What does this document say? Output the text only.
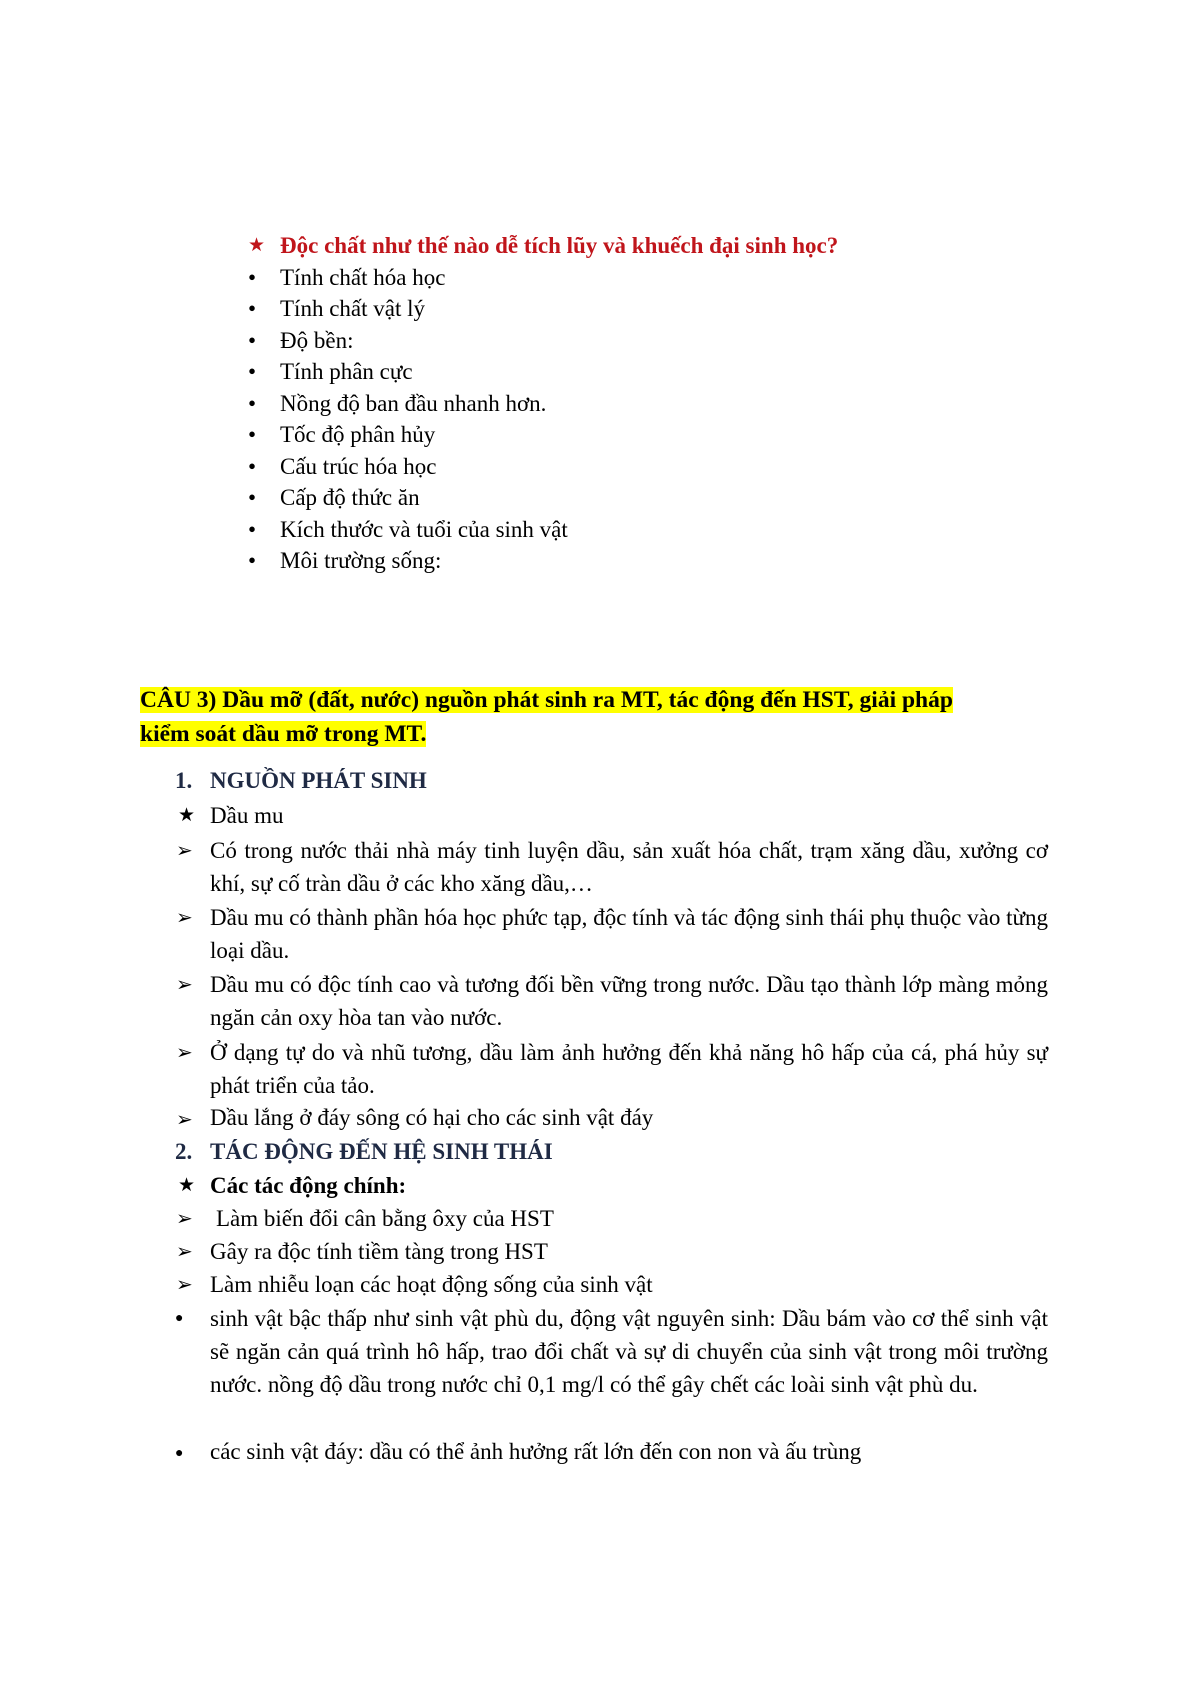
★ Độc chất như thế nào dễ tích lũy và khuếch đại sinh học?
• Tính chất hóa học
• Tính chất vật lý
• Độ bền:
• Tính phân cực
• Nồng độ ban đầu nhanh hơn.
• Tốc độ phân hủy
• Cấu trúc hóa học
• Cấp độ thức ăn
• Kích thước và tuổi của sinh vật
• Môi trường sống:
CÂU 3) Dầu mỡ (đất, nước) nguồn phát sinh ra MT, tác động đến HST, giải pháp
kiểm soát dầu mỡ trong MT.
1. NGUỒN PHÁT SINH
★ Dầu mu
➢ Có trong nước thải nhà máy tinh luyện dầu, sản xuất hóa chất, trạm xăng dầu, xưởng cơ khí, sự cố tràn dầu ở các kho xăng dầu,…
➢ Dầu mu có thành phần hóa học phức tạp, độc tính và tác động sinh thái phụ thuộc vào từng loại dầu.
➢ Dầu mu có độc tính cao và tương đối bền vững trong nước. Dầu tạo thành lớp màng mỏng ngăn cản oxy hòa tan vào nước.
➢ Ở dạng tự do và nhũ tương, dầu làm ảnh hưởng đến khả năng hô hấp của cá, phá hủy sự phát triển của tảo.
➢ Dầu lắng ở đáy sông có hại cho các sinh vật đáy
2. TÁC ĐỘNG ĐẾN HỆ SINH THÁI
★ Các tác động chính:
➢ Làm biến đổi cân bằng ôxy của HST
➢ Gây ra độc tính tiềm tàng trong HST
➢ Làm nhiễu loạn các hoạt động sống của sinh vật
● sinh vật bậc thấp như sinh vật phù du, động vật nguyên sinh: Dầu bám vào cơ thể sinh vật sẽ ngăn cản quá trình hô hấp, trao đổi chất và sự di chuyển của sinh vật trong môi trường nước. nồng độ dầu trong nước chỉ 0,1 mg/l có thể gây chết các loài sinh vật phù du.
● các sinh vật đáy: dầu có thể ảnh hưởng rất lớn đến con non và ấu trùng
